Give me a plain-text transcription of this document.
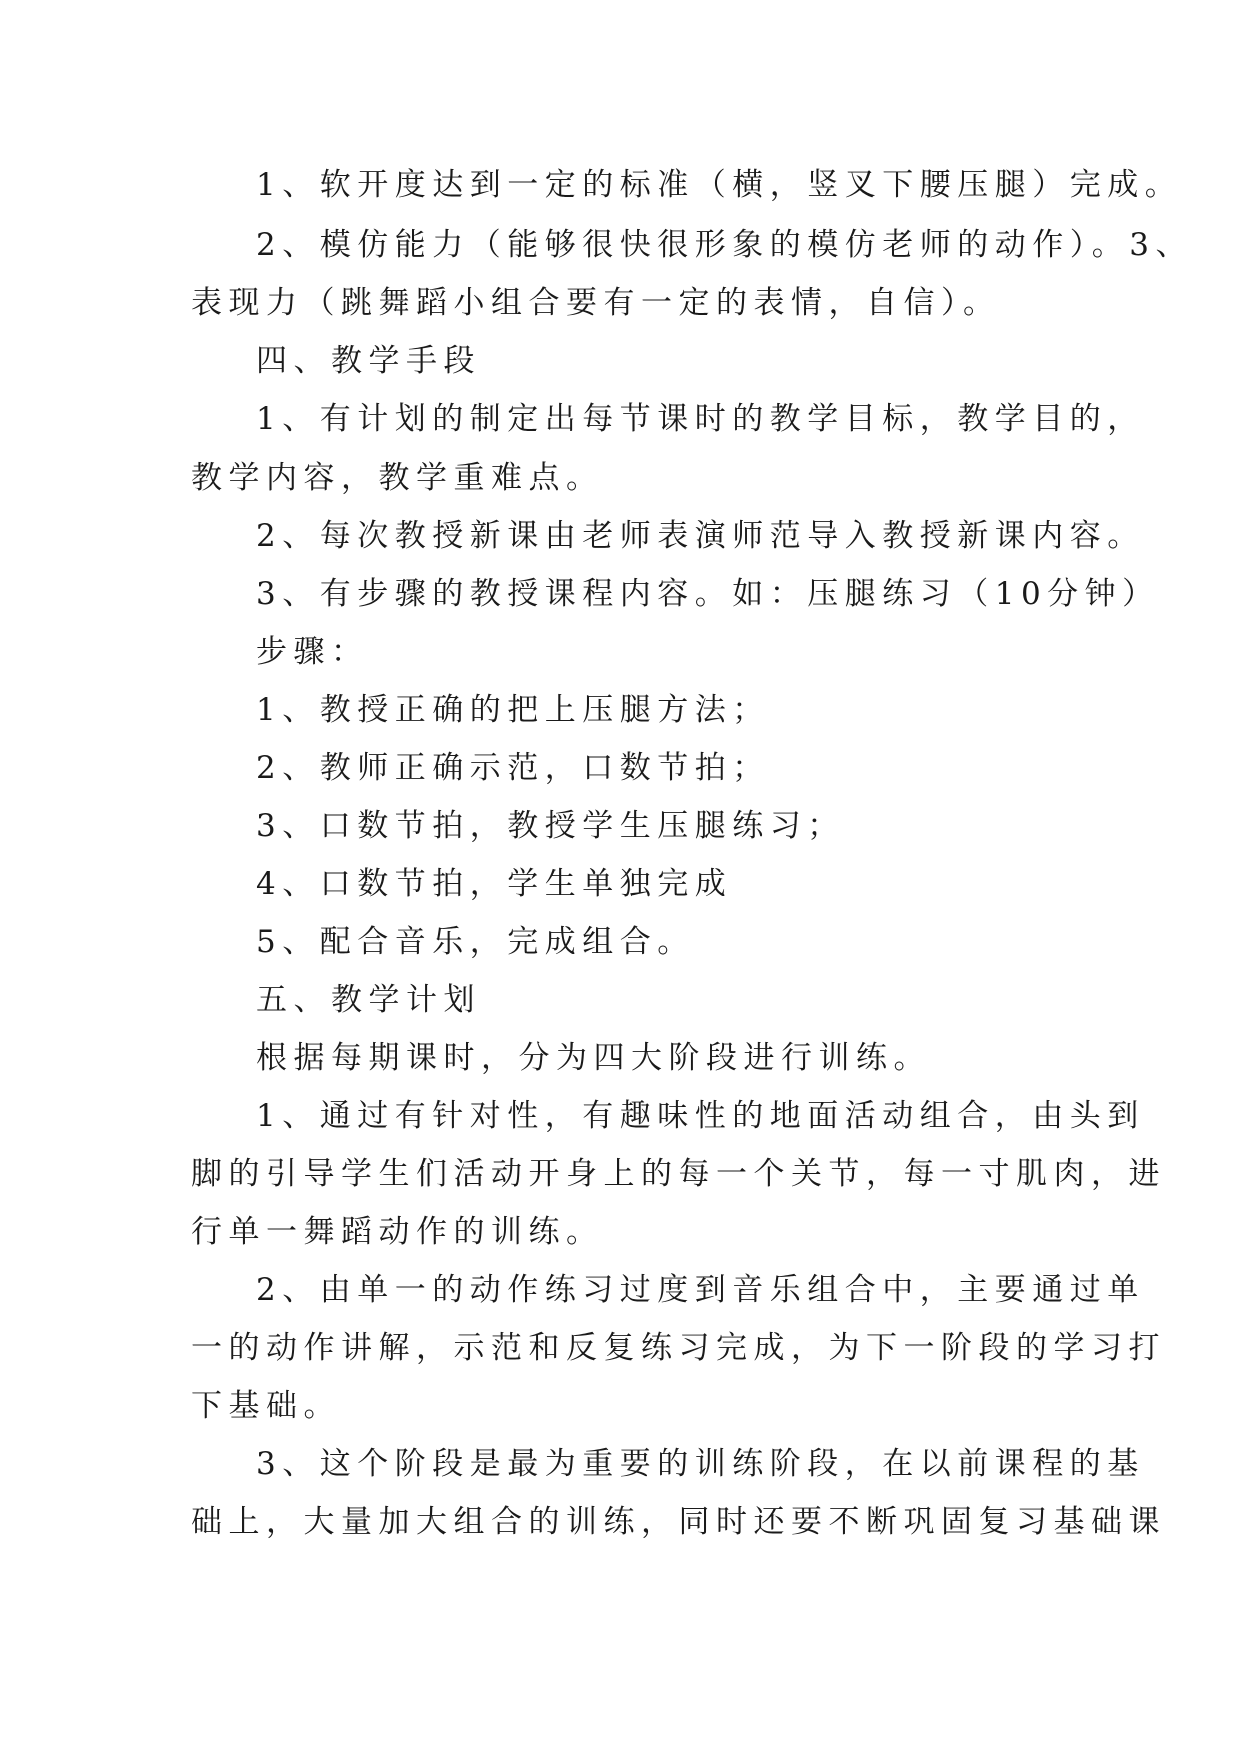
1、软开度达到一定的标准（横，竖叉下腰压腿）完成。
2、模仿能力（能够很快很形象的模仿老师的动作）。3、
表现力（跳舞蹈小组合要有一定的表情，自信）。
四、教学手段
1、有计划的制定出每节课时的教学目标，教学目的，
教学内容，教学重难点。
2、每次教授新课由老师表演师范导入教授新课内容。
3、有步骤的教授课程内容。如：压腿练习（10分钟）
步骤：
1、教授正确的把上压腿方法；
2、教师正确示范，口数节拍；
3、口数节拍，教授学生压腿练习；
4、口数节拍，学生单独完成
5、配合音乐，完成组合。
五、教学计划
根据每期课时，分为四大阶段进行训练。
1、通过有针对性，有趣味性的地面活动组合，由头到
脚的引导学生们活动开身上的每一个关节，每一寸肌肉，进
行单一舞蹈动作的训练。
2、由单一的动作练习过度到音乐组合中，主要通过单
一的动作讲解，示范和反复练习完成，为下一阶段的学习打
下基础。
3、这个阶段是最为重要的训练阶段，在以前课程的基
础上，大量加大组合的训练，同时还要不断巩固复习基础课
